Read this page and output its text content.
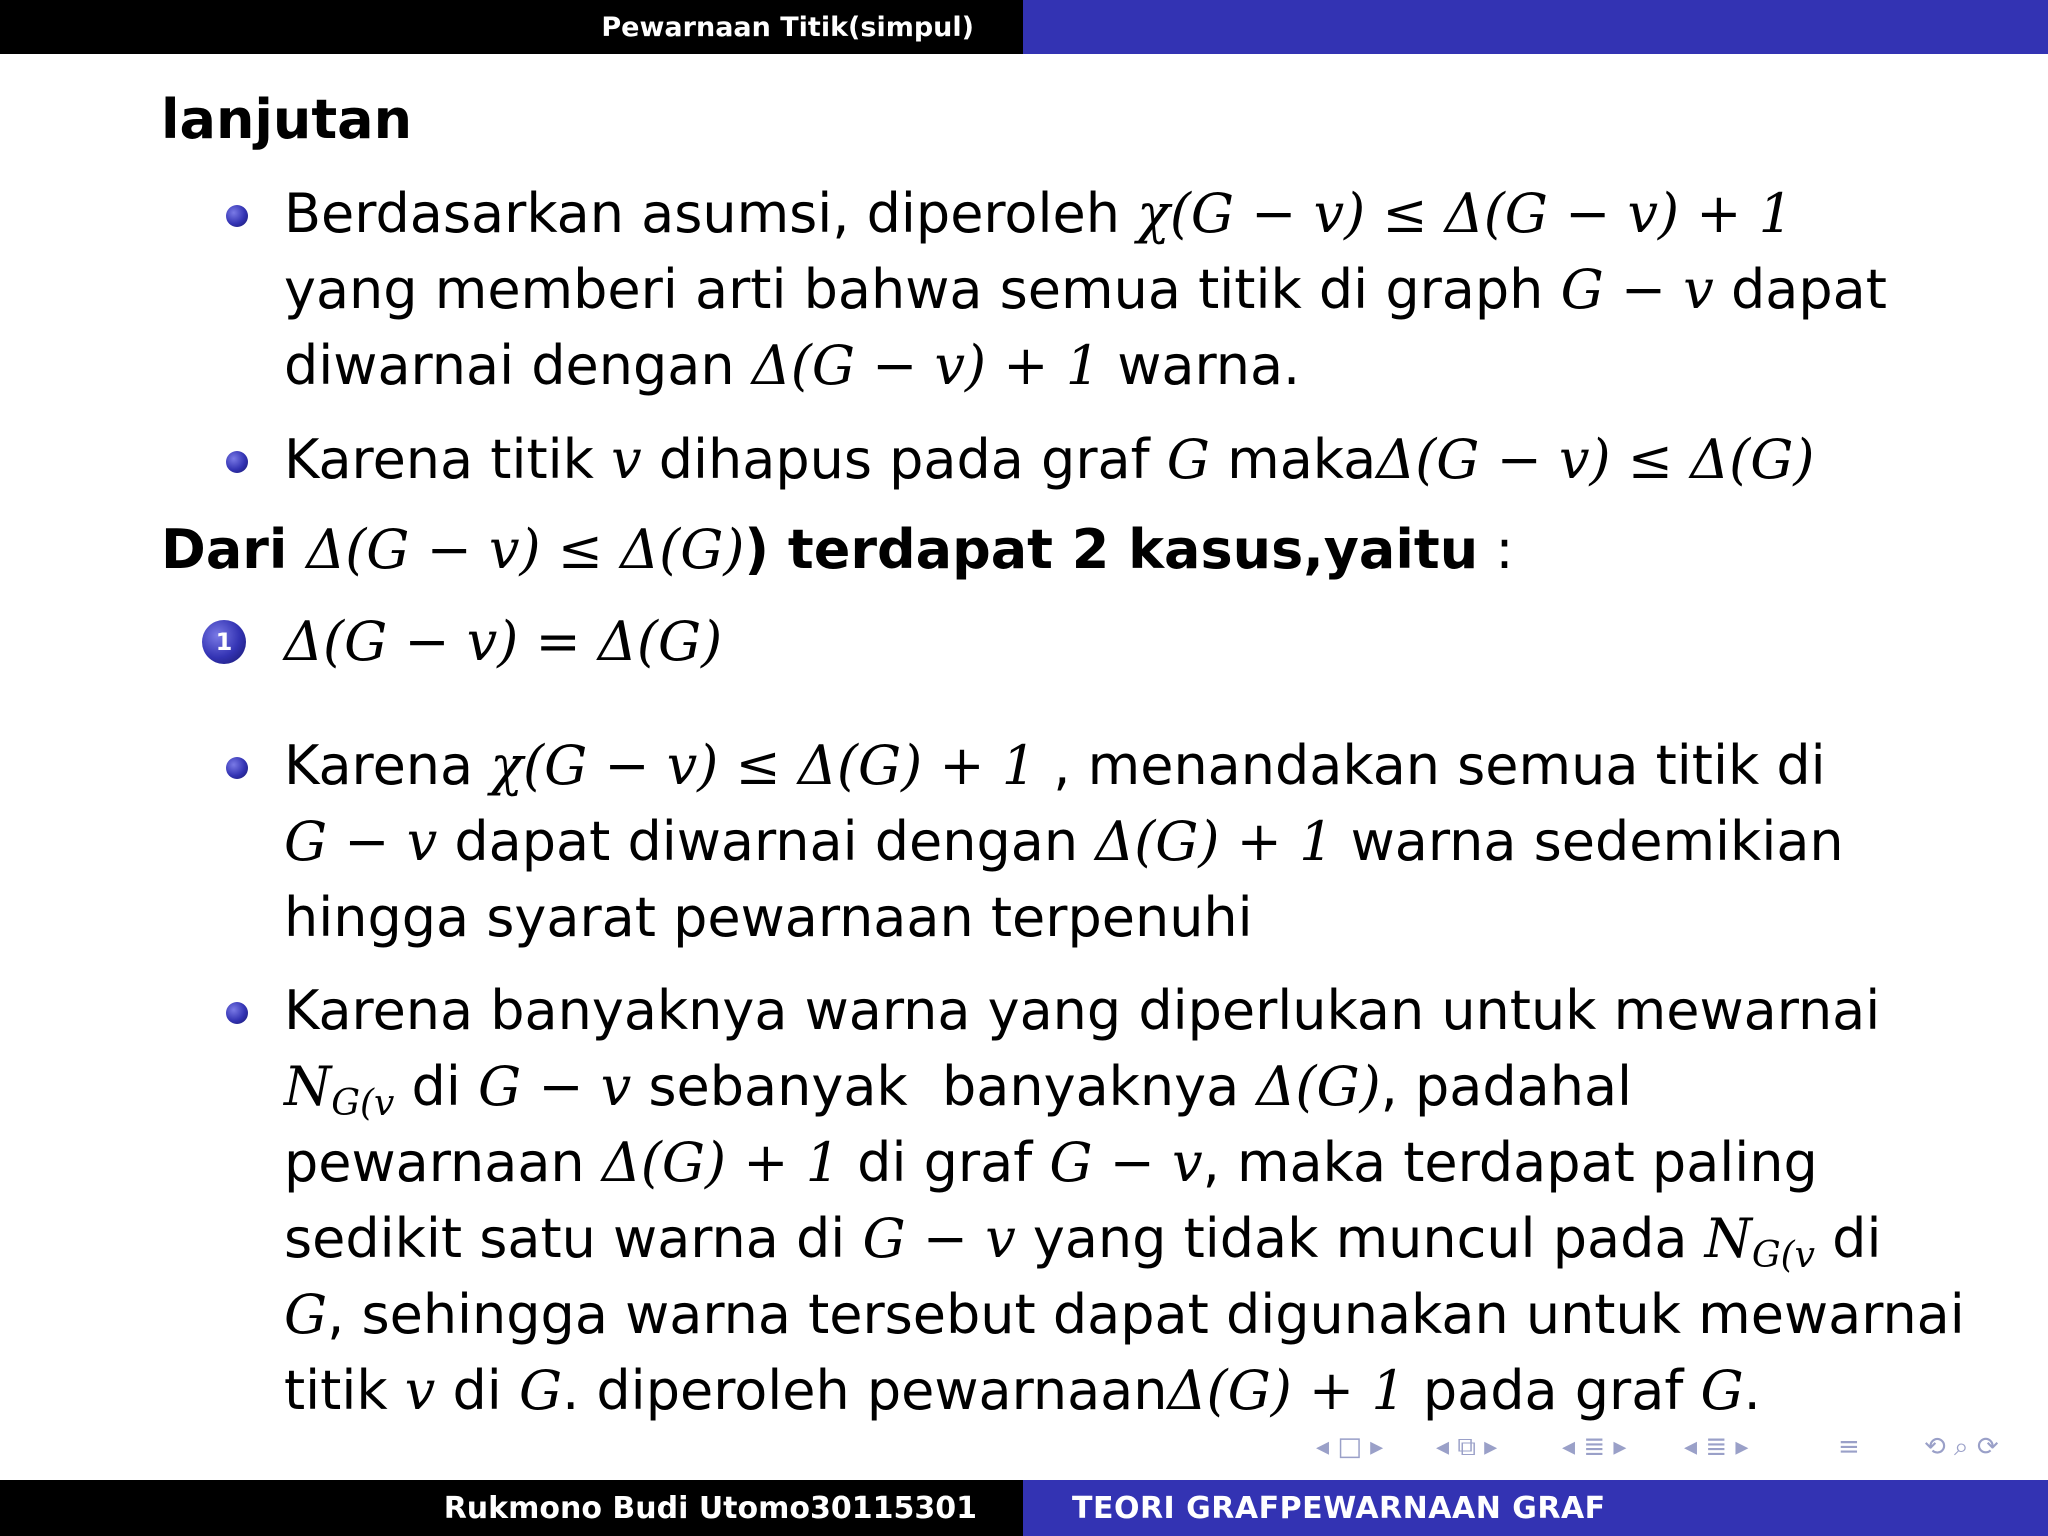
Pewarnaan Titik(simpul)
lanjutan
Berdasarkan asumsi, diperoleh χ(G − v) ≤ Δ(G − v) + 1
yang memberi arti bahwa semua titik di graph G − v dapat
diwarnai dengan Δ(G − v) + 1 warna.
Karena titik v dihapus pada graf G makaΔ(G − v) ≤ Δ(G)
Dari Δ(G − v) ≤ Δ(G)) terdapat 2 kasus,yaitu :
1 Δ(G − v) = Δ(G)
Karena χ(G − v) ≤ Δ(G) + 1 , menandakan semua titik di
G − v dapat diwarnai dengan Δ(G) + 1 warna sedemikian
hingga syarat pewarnaan terpenuhi
Karena banyaknya warna yang diperlukan untuk mewarnai
$N_{G(v}$ di G − v sebanyak  banyaknya Δ(G), padahal
pewarnaan Δ(G) + 1 di graf G − v, maka terdapat paling
sedikit satu warna di G − v yang tidak muncul pada $N_{G(v}$ di
G, sehingga warna tersebut dapat digunakan untuk mewarnai
titik v di G. diperoleh pewarnaanΔ(G) + 1 pada graf G.
◂ □ ▸ ◂ ⧉ ▸ ◂ ≣ ▸ ◂ ≣ ▸	≡ ⟲ ⌕ ⟳
Rukmono Budi Utomo30115301	TEORI GRAFPEWARNAAN GRAF
